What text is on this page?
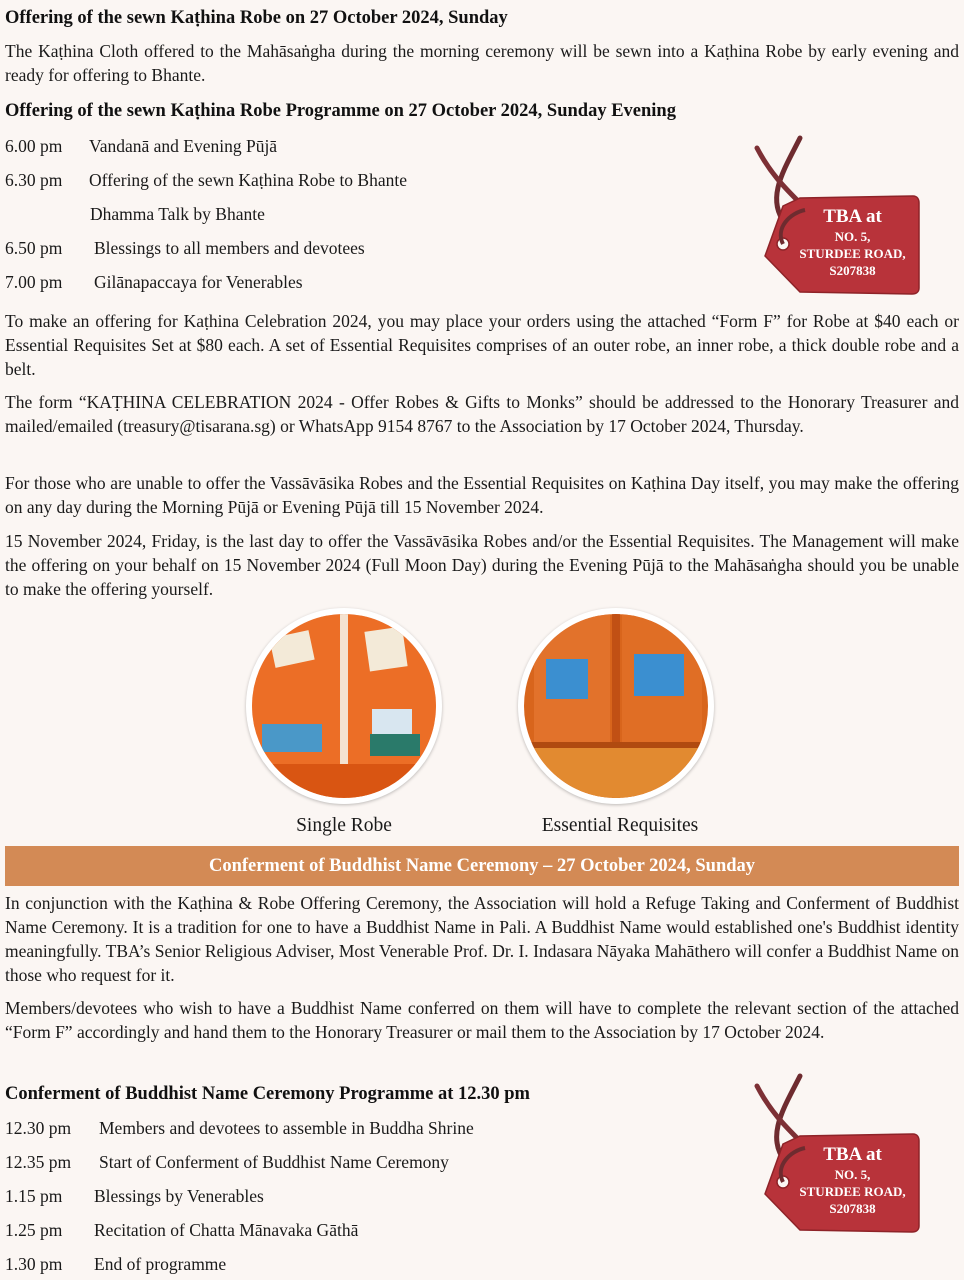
Offering of the sewn Kaṭhina Robe on 27 October 2024, Sunday

The Kaṭhina Cloth offered to the Mahāsaṅgha during the morning ceremony will be sewn into a Kaṭhina Robe by early evening and ready for offering to Bhante.

Offering of the sewn Kaṭhina Robe Programme on 27 October 2024, Sunday Evening
6.00 pm Vandanā and Evening Pūjā
6.30 pm Offering of the sewn Kaṭhina Robe to Bhante
Dhamma Talk by Bhante
6.50 pm Blessings to all members and devotees
7.00 pm Gilānapaccaya for Venerables
TBA at
NO. 5,
STURDEE ROAD,
S207838

To make an offering for Kaṭhina Celebration 2024, you may place your orders using the attached “Form F” for Robe at $40 each or Essential Requisites Set at $80 each. A set of Essential Requisites comprises of an outer robe, an inner robe, a thick double robe and a belt.

The form “KAṬHINA CELEBRATION 2024 - Offer Robes & Gifts to Monks” should be addressed to the Honorary Treasurer and mailed/emailed (treasury@tisarana.sg) or WhatsApp 9154 8767 to the Association by 17 October 2024, Thursday.

For those who are unable to offer the Vassāvāsika Robes and the Essential Requisites on Kaṭhina Day itself, you may make the offering on any day during the Morning Pūjā or Evening Pūjā till 15 November 2024.

15 November 2024, Friday, is the last day to offer the Vassāvāsika Robes and/or the Essential Requisites. The Management will make the offering on your behalf on 15 November 2024 (Full Moon Day) during the Evening Pūjā to the Mahāsaṅgha should you be unable to make the offering yourself.

Single Robe	Essential Requisites
Conferment of Buddhist Name Ceremony – 27 October 2024, Sunday

In conjunction with the Kaṭhina & Robe Offering Ceremony, the Association will hold a Refuge Taking and Conferment of Buddhist Name Ceremony. It is a tradition for one to have a Buddhist Name in Pali. A Buddhist Name would established one's Buddhist identity meaningfully. TBA’s Senior Religious Adviser, Most Venerable Prof. Dr. I. Indasara Nāyaka Mahāthero will confer a Buddhist Name on those who request for it.

Members/devotees who wish to have a Buddhist Name conferred on them will have to complete the relevant section of the attached “Form F” accordingly and hand them to the Honorary Treasurer or mail them to the Association by 17 October 2024.

Conferment of Buddhist Name Ceremony Programme at 12.30 pm
12.30 pm Members and devotees to assemble in Buddha Shrine
12.35 pm Start of Conferment of Buddhist Name Ceremony
1.15 pm Blessings by Venerables
1.25 pm Recitation of Chatta Mānavaka Gāthā
1.30 pm End of programme
TBA at
NO. 5,
STURDEE ROAD,
S207838
